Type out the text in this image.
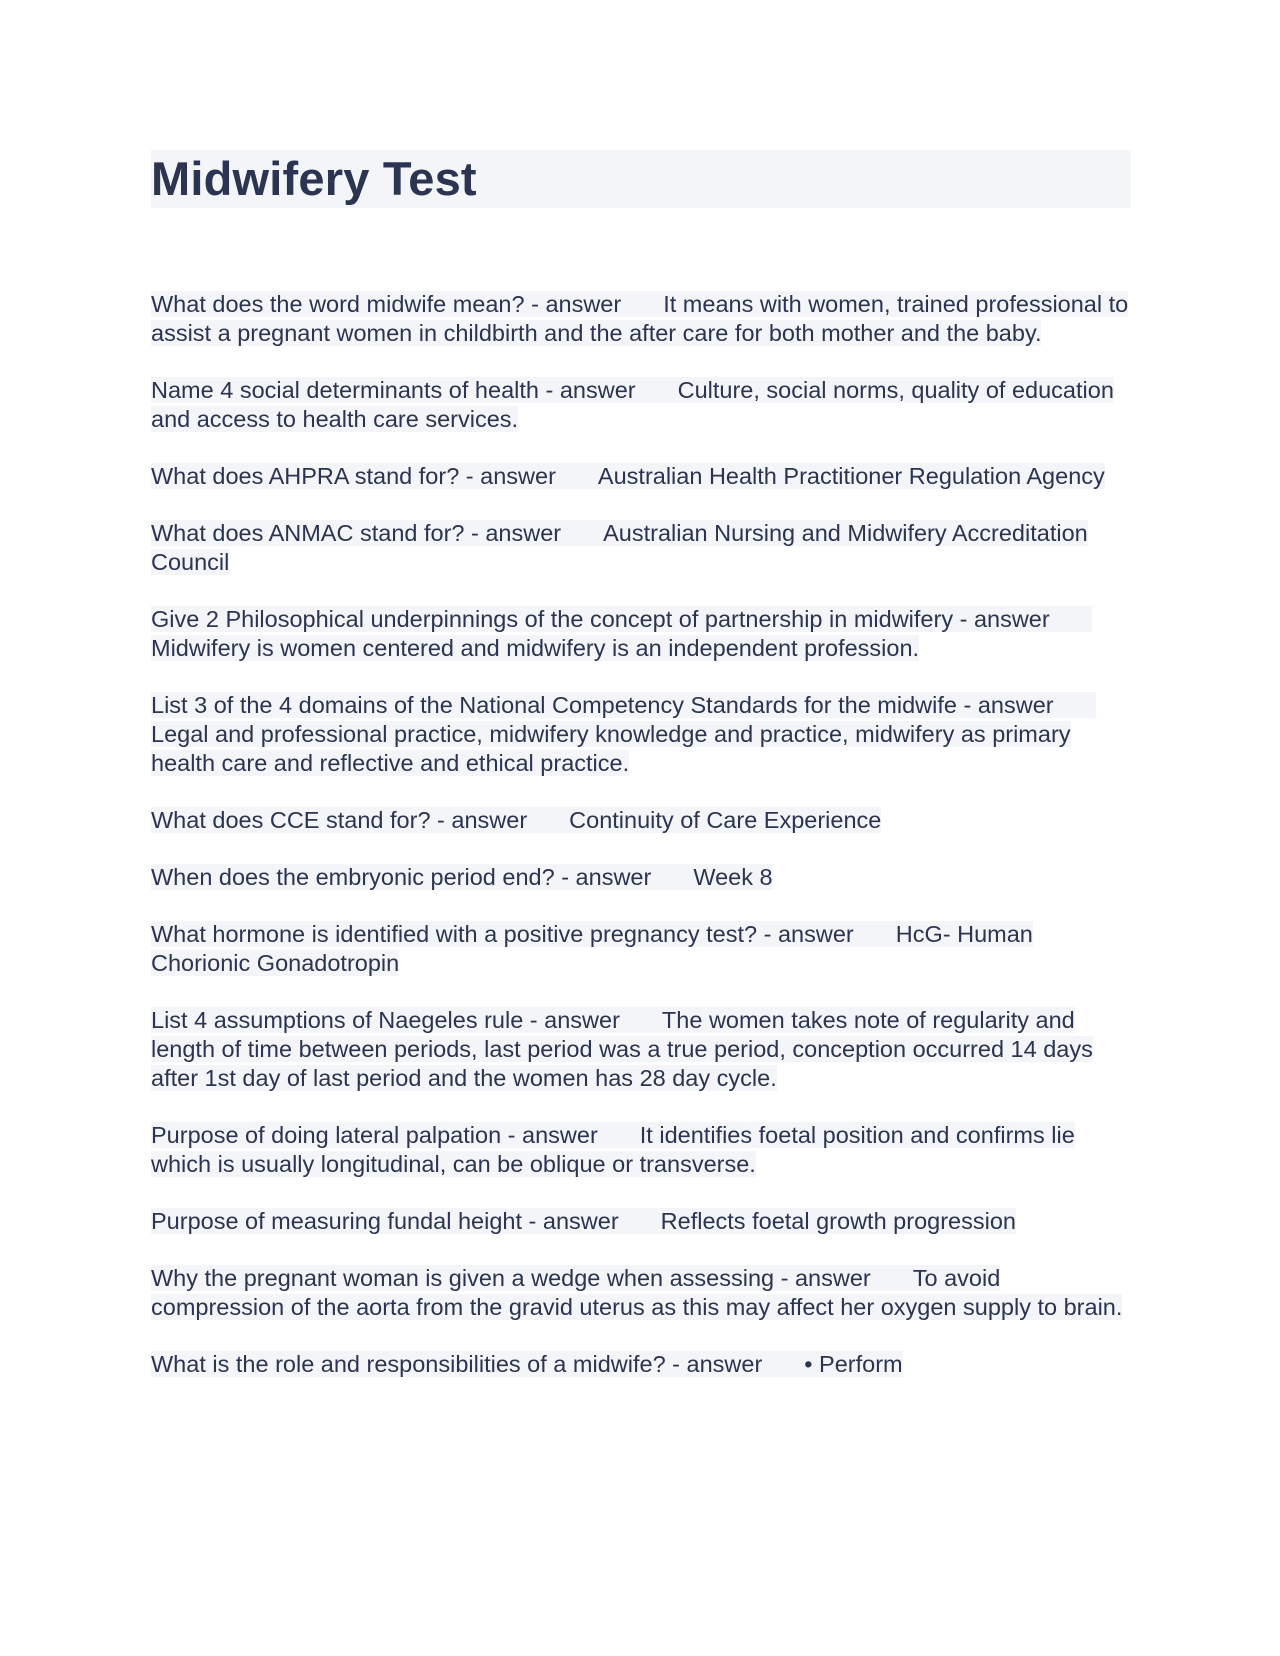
Midwifery Test

What does the word midwife mean? - answer It means with women, trained professional to assist a pregnant women in childbirth and the after care for both mother and the baby.

Name 4 social determinants of health - answer Culture, social norms, quality of education and access to health care services.

What does AHPRA stand for? - answer Australian Health Practitioner Regulation Agency

What does ANMAC stand for? - answer Australian Nursing and Midwifery Accreditation Council

Give 2 Philosophical underpinnings of the concept of partnership in midwifery - answerMidwifery is women centered and midwifery is an independent profession.

List 3 of the 4 domains of the National Competency Standards for the midwife - answerLegal and professional practice, midwifery knowledge and practice, midwifery as primary health care and reflective and ethical practice.

What does CCE stand for? - answer Continuity of Care Experience

When does the embryonic period end? - answer Week 8

What hormone is identified with a positive pregnancy test? - answer HcG- Human Chorionic Gonadotropin

List 4 assumptions of Naegeles rule - answer The women takes note of regularity and length of time between periods, last period was a true period, conception occurred 14 days after 1st day of last period and the women has 28 day cycle.

Purpose of doing lateral palpation - answer It identifies foetal position and confirms lie which is usually longitudinal, can be oblique or transverse.

Purpose of measuring fundal height - answer Reflects foetal growth progression

Why the pregnant woman is given a wedge when assessing - answer To avoid compression of the aorta from the gravid uterus as this may affect her oxygen supply to brain.

What is the role and responsibilities of a midwife? - answer • Perform
